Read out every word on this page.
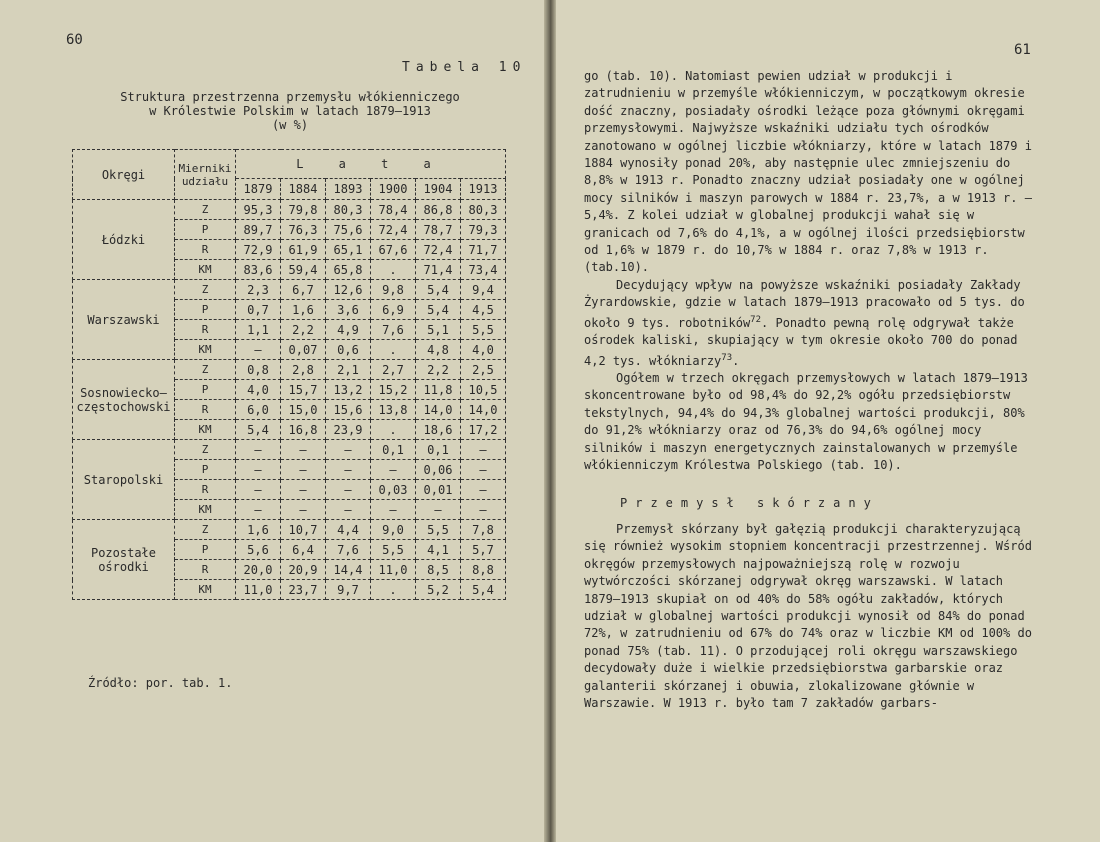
60
Tabela 10
Struktura przestrzenna przemysłu włókienniczego
w Królestwie Polskim w latach 1879–1913
(w %)
Okręgi	Mierniki udziału	L a t a					
		1879	1884	1893	1900	1904	1913
Łódzki	Z	95,3	79,8	80,3	78,4	86,8	80,3
	P	89,7	76,3	75,6	72,4	78,7	79,3
	R	72,9	61,9	65,1	67,6	72,4	71,7
	KM	83,6	59,4	65,8	.	71,4	73,4
Warszawski	Z	2,3	6,7	12,6	9,8	5,4	9,4
	P	0,7	1,6	3,6	6,9	5,4	4,5
	R	1,1	2,2	4,9	7,6	5,1	5,5
	KM	–	0,07	0,6	.	4,8	4,0
Sosnowiecko–częstochowski	Z	0,8	2,8	2,1	2,7	2,2	2,5
	P	4,0	15,7	13,2	15,2	11,8	10,5
	R	6,0	15,0	15,6	13,8	14,0	14,0
	KM	5,4	16,8	23,9	.	18,6	17,2
Staropolski	Z	–	–	–	0,1	0,1	–
	P	–	–	–	–	0,06	–
	R	–	–	–	0,03	0,01	–
	KM	–	–	–	–	–	–
Pozostałe ośrodki	Z	1,6	10,7	4,4	9,0	5,5	7,8
	P	5,6	6,4	7,6	5,5	4,1	5,7
	R	20,0	20,9	14,4	11,0	8,5	8,8
	KM	11,0	23,7	9,7	.	5,2	5,4
Źródło: por. tab. 1.
61

go (tab. 10). Natomiast pewien udział w produkcji i zatrudnieniu w przemyśle włókienniczym, w początkowym okresie dość znaczny, posiadały ośrodki leżące poza głównymi okręgami przemysłowymi. Najwyższe wskaźniki udziału tych ośrodków zanotowano w ogólnej liczbie włókniarzy, które w latach 1879 i 1884 wynosiły ponad 20%, aby następnie ulec zmniejszeniu do 8,8% w 1913 r. Ponadto znaczny udział posiadały one w ogólnej mocy silników i maszyn parowych w 1884 r. 23,7%, a w 1913 r. – 5,4%. Z kolei udział w globalnej produkcji wahał się w granicach od 7,6% do 4,1%, a w ogólnej ilości przedsiębiorstw od 1,6% w 1879 r. do 10,7% w 1884 r. oraz 7,8% w 1913 r. (tab.10).

Decydujący wpływ na powyższe wskaźniki posiadały Zakłady Żyrardowskie, gdzie w latach 1879–1913 pracowało od 5 tys. do około 9 tys. robotników$^{72}$. Ponadto pewną rolę odgrywał także ośrodek kaliski, skupiający w tym okresie około 700 do ponad 4,2 tys. włókniarzy$^{73}$.

Ogółem w trzech okręgach przemysłowych w latach 1879–1913 skoncentrowane było od 98,4% do 92,2% ogółu przedsiębiorstw tekstylnych, 94,4% do 94,3% globalnej wartości produkcji, 80% do 91,2% włókniarzy oraz od 76,3% do 94,6% ogólnej mocy silników i maszyn energetycznych zainstalowanych w przemyśle włókienniczym Królestwa Polskiego (tab. 10).

Przemysł skórzany

Przemysł skórzany był gałęzią produkcji charakteryzującą się również wysokim stopniem koncentracji przestrzennej. Wśród okręgów przemysłowych najpoważniejszą rolę w rozwoju wytwórczości skórzanej odgrywał okręg warszawski. W latach 1879–1913 skupiał on od 40% do 58% ogółu zakładów, których udział w globalnej wartości produkcji wynosił od 84% do ponad 72%, w zatrudnieniu od 67% do 74% oraz w liczbie KM od 100% do ponad 75% (tab. 11). O przodującej roli okręgu warszawskiego decydowały duże i wielkie przedsiębiorstwa garbarskie oraz galanterii skórzanej i obuwia, zlokalizowane głównie w Warszawie. W 1913 r. było tam 7 zakładów garbars-
